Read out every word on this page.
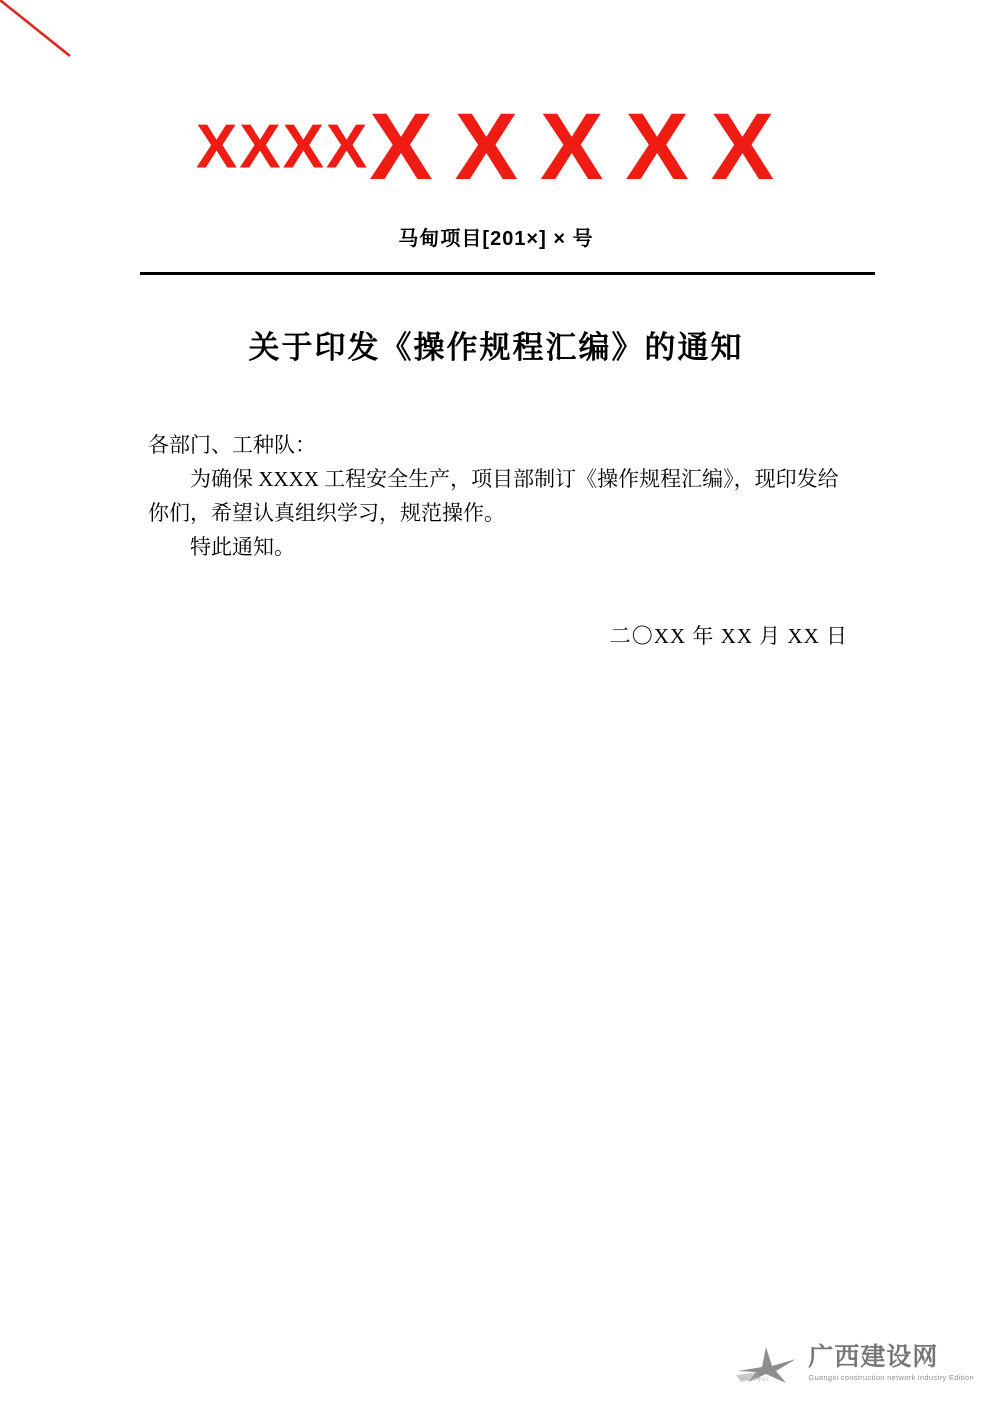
XXXXXXXXX
马甸项目[201×] × 号
关于印发《操作规程汇编》的通知

各部门、工种队：

为确保 XXXX 工程安全生产，项目部制订《操作规程汇编》，现印发给你们，希望认真组织学习，规范操作。

特此通知。

二〇XX 年 XX 月 XX 日
gxcic.net
广西建设网
Guangxi construction network industry Edition
